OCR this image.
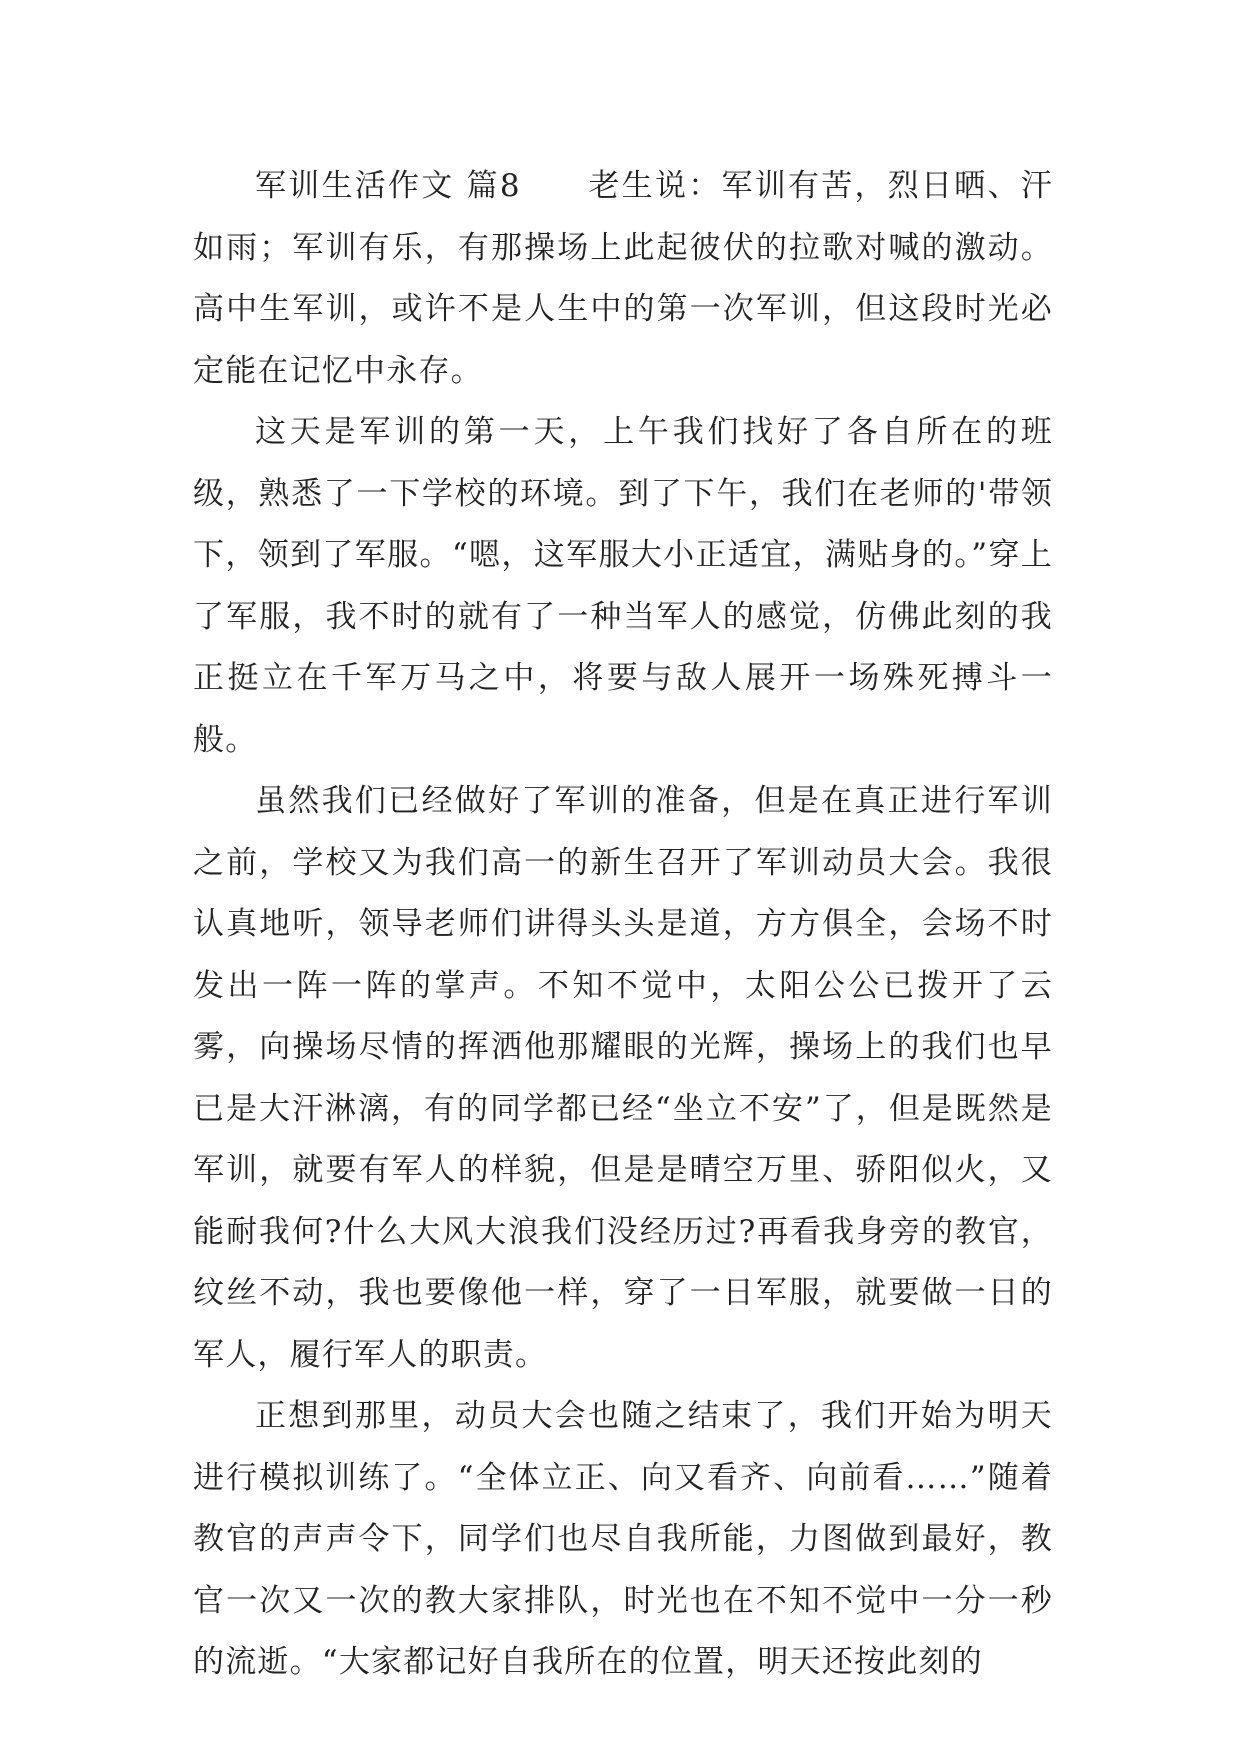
军训生活作文 篇8　　老生说：军训有苦，烈日晒、汗如雨；军训有乐，有那操场上此起彼伏的拉歌对喊的激动。高中生军训，或许不是人生中的第一次军训，但这段时光必定能在记忆中永存。

这天是军训的第一天，上午我们找好了各自所在的班级，熟悉了一下学校的环境。到了下午，我们在老师的'带领下，领到了军服。“嗯，这军服大小正适宜，满贴身的。”穿上了军服，我不时的就有了一种当军人的感觉，仿佛此刻的我正挺立在千军万马之中，将要与敌人展开一场殊死搏斗一般。

虽然我们已经做好了军训的准备，但是在真正进行军训之前，学校又为我们高一的新生召开了军训动员大会。我很认真地听，领导老师们讲得头头是道，方方俱全，会场不时发出一阵一阵的掌声。不知不觉中，太阳公公已拨开了云雾，向操场尽情的挥洒他那耀眼的光辉，操场上的我们也早已是大汗淋漓，有的同学都已经“坐立不安”了，但是既然是军训，就要有军人的样貌，但是是晴空万里、骄阳似火，又能耐我何?什么大风大浪我们没经历过?再看我身旁的教官，纹丝不动，我也要像他一样，穿了一日军服，就要做一日的军人，履行军人的职责。

正想到那里，动员大会也随之结束了，我们开始为明天进行模拟训练了。“全体立正、向又看齐、向前看……”随着教官的声声令下，同学们也尽自我所能，力图做到最好，教官一次又一次的教大家排队，时光也在不知不觉中一分一秒的流逝。“大家都记好自我所在的位置，明天还按此刻的
